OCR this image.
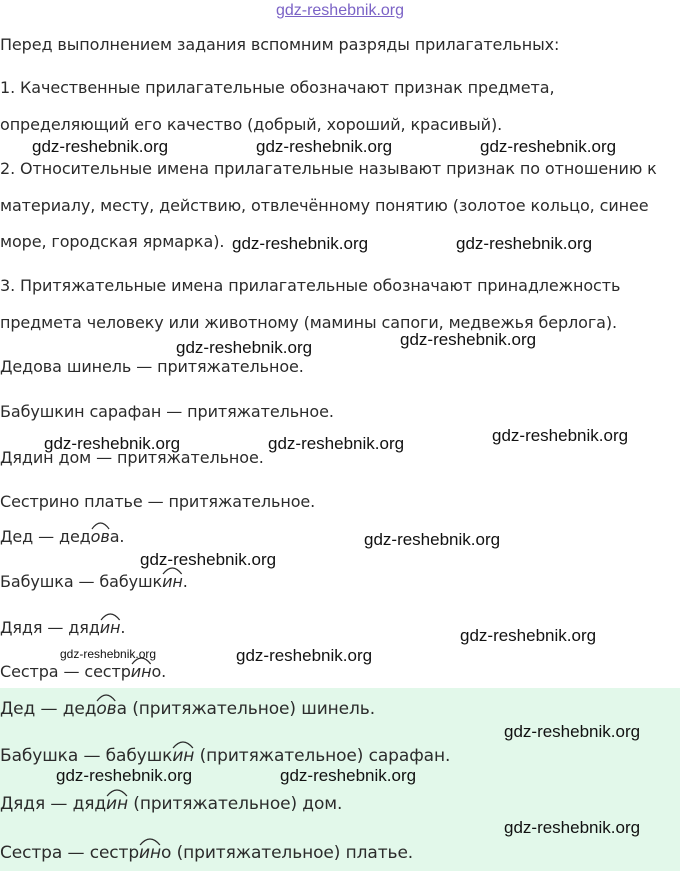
gdz-reshebnik.org
Перед выполнением задания вспомним разряды прилагательных:
1. Качественные прилагательные обозначают признак предмета,
определяющий его качество (добрый, хороший, красивый).
2. Относительные имена прилагательные называют признак по отношению к
материалу, месту, действию, отвлечённому понятию (золотое кольцо, синее
море, городская ярмарка).
3. Притяжательные имена прилагательные обозначают принадлежность
предмета человеку или животному (мамины сапоги, медвежья берлога).
Дедова шинель — притяжательное.
Бабушкин сарафан — притяжательное.
Дядин дом — притяжательное.
Сестрино платье — притяжательное.
Дед — дед
ова.
Бабушка — бабушк
ин.
Дядя — дяд
ин.
Сестра — сестр
ино.
Дед — дед
ова (притяжательное) шинель.
Бабушка — бабушк
ин (притяжательное) сарафан.
Дядя — дяд
ин (притяжательное) дом.
Сестра — сестр
ино (притяжательное) платье.
gdz-reshebnik.org	gdz-reshebnik.org	gdz-reshebnik.org
gdz-reshebnik.org	gdz-reshebnik.org
gdz-reshebnik.org
gdz-reshebnik.org
gdz-reshebnik.org
gdz-reshebnik.org	gdz-reshebnik.org
gdz-reshebnik.org
gdz-reshebnik.org
gdz-reshebnik.org
gdz-reshebnik.org	gdz-reshebnik.org
gdz-reshebnik.org
gdz-reshebnik.org	gdz-reshebnik.org
gdz-reshebnik.org
